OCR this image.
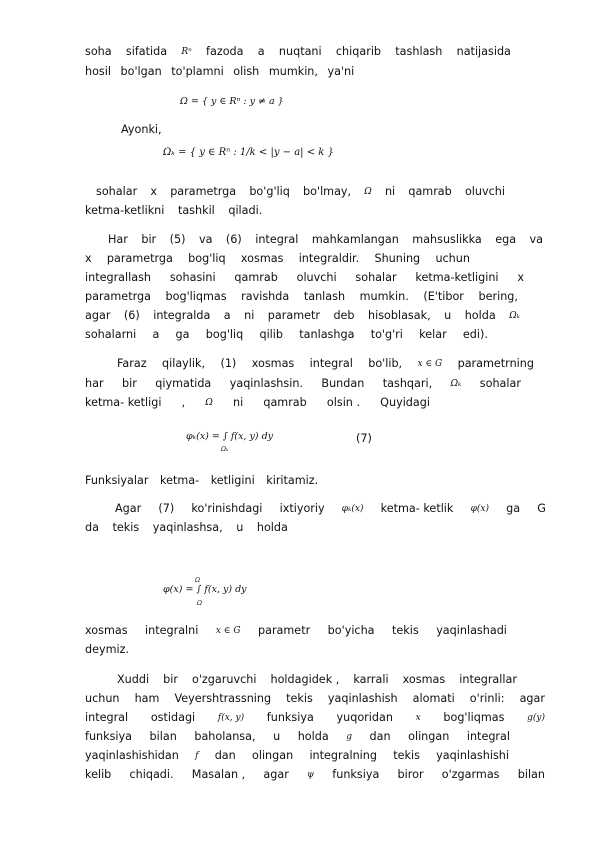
soha sifatida Rⁿ fazoda a nuqtani chiqarib tashlash natijasida
hosil bo'lgan to'plamni olish mumkin, ya'ni
Ω = { y ∈ Rⁿ : y ≠ a }
Ayonki,
Ωₖ = { y ∈ Rⁿ : 1/k < |y − a| < k }
sohalar x parametrga bo'g'liq bo'lmay, Ω ni qamrab oluvchi
ketma-ketlikni tashkil qiladi.
Har bir (5) va (6) integral mahkamlangan mahsuslikka ega va
x parametrga bog'liq xosmas integraldir. Shuning uchun
integrallash sohasini qamrab oluvchi sohalar ketma-ketligini x
parametrga bog'liqmas ravishda tanlash mumkin. (E'tibor bering,
agar (6) integralda a ni parametr deb hisoblasak, u holda Ωₖ
sohalarni a ga bog'liq qilib tanlashga to'g'ri kelar edi).
Faraz qilaylik, (1) xosmas integral bo'lib, x ∈ G parametrning
har bir qiymatida yaqinlashsin. Bundan tashqari, Ωₖ sohalar
ketma- ketligi , Ω ni qamrab olsin . Quyidagi
φₖ(x) = ∫ f(x, y) dy
Ωₖ
(7)
Funksiyalar ketma- ketligini kiritamiz.
Agar (7) ko'rinishdagi ixtiyoriy φₖ(x) ketma- ketlik φ(x) ga G
da tekis yaqinlashsa, u holda
Ω
φ(x) = ∫ f(x, y) dy
Ω
xosmas integralni x ∈ G parametr bo'yicha tekis yaqinlashadi
deymiz.
Xuddi bir o'zgaruvchi holdagidek , karrali xosmas integrallar
uchun ham Veyershtrassning tekis yaqinlashish alomati o'rinli: agar
integral ostidagi	f(x, y) funksiya yuqoridan	x bog'liqmas	g(y)
funksiya bilan baholansa, u holda g dan olingan integral
yaqinlashishidan f dan olingan integralning tekis yaqinlashishi
kelib chiqadi. Masalan , agar ψ funksiya biror o'zgarmas bilan
